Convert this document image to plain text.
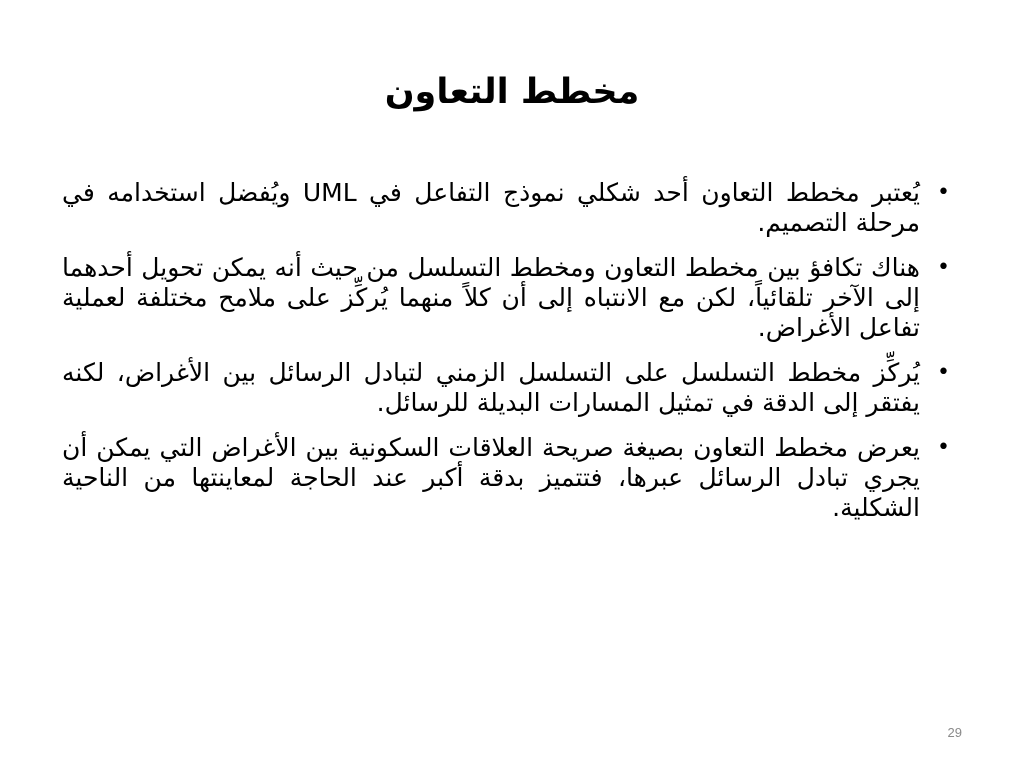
مخطط التعاون
•
يُعتبر مخطط التعاون أحد شكلي نموذج التفاعل في UML ويُفضل استخدامه في مرحلة التصميم.
•
هناك تكافؤ بين مخطط التعاون ومخطط التسلسل من حيث أنه يمكن تحويل أحدهما إلى الآخر تلقائياً، لكن مع الانتباه إلى أن كلاً منهما يُركِّز على ملامح مختلفة لعملية تفاعل الأغراض.
•
يُركِّز مخطط التسلسل على التسلسل الزمني لتبادل الرسائل بين الأغراض، لكنه يفتقر إلى الدقة في تمثيل المسارات البديلة للرسائل.
•
يعرض مخطط التعاون بصيغة صريحة العلاقات السكونية بين الأغراض التي يمكن أن يجري تبادل الرسائل عبرها، فتتميز بدقة أكبر عند الحاجة لمعاينتها من الناحية الشكلية.
29
